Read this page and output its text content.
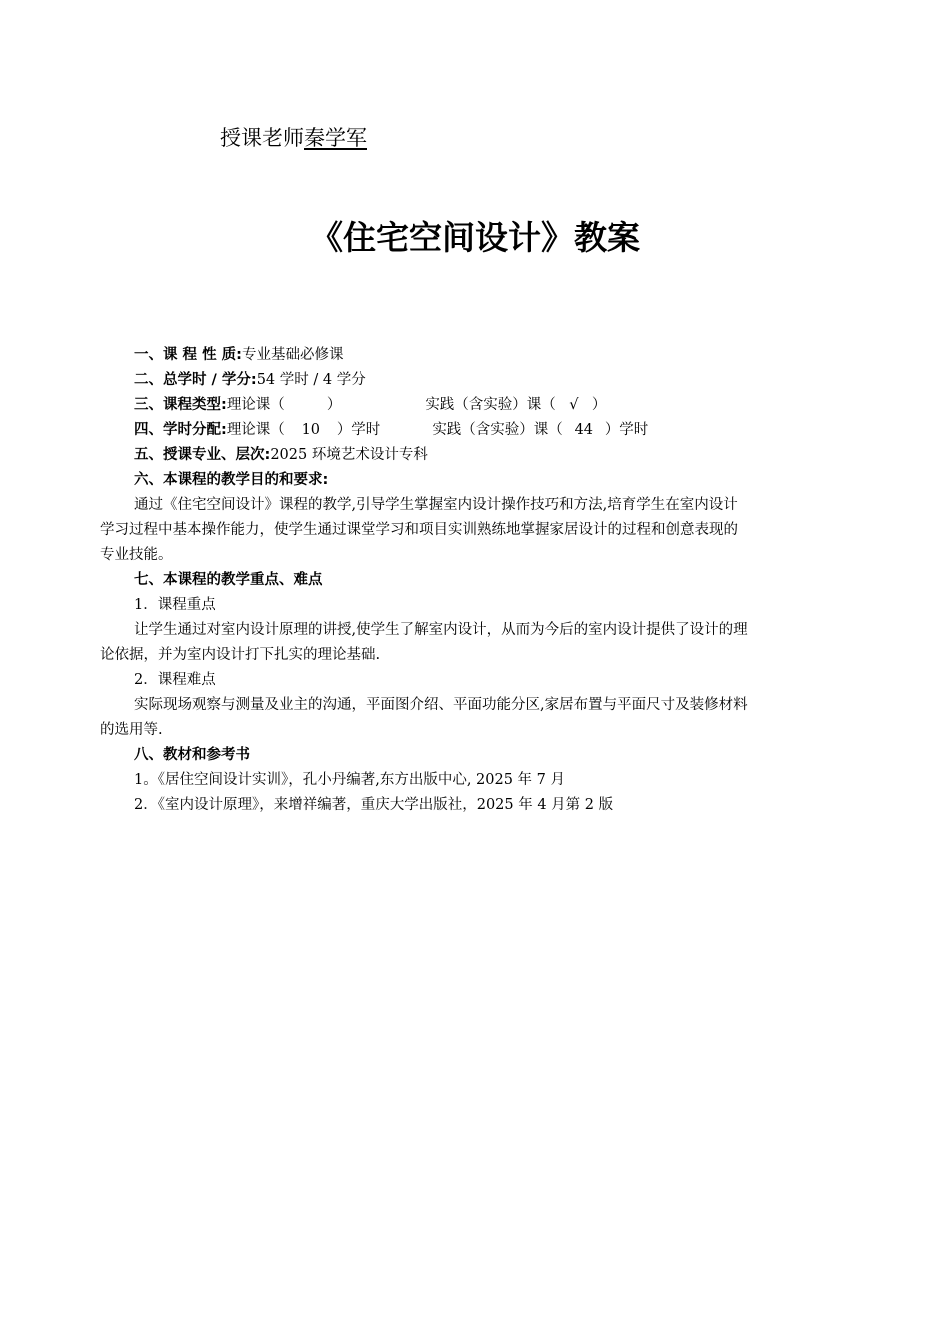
授课老师秦学军
《住宅空间设计》教案
一、课 程 性 质:专业基础必修课
二、总学时 / 学分:54 学时 / 4 学分
三、课程类型:理论课（	）	实践（含实验）课（ √ ）
四、学时分配:理论课（ 10 ）学时	实践（含实验）课（ 44 ）学时
五、授课专业、层次:2025 环境艺术设计专科
六、本课程的教学目的和要求:
通过《住宅空间设计》课程的教学,引导学生掌握室内设计操作技巧和方法,培育学生在室内设计
学习过程中基本操作能力，使学生通过课堂学习和项目实训熟练地掌握家居设计的过程和创意表现的
专业技能。
七、本课程的教学重点、难点
1．课程重点
让学生通过对室内设计原理的讲授,使学生了解室内设计，从而为今后的室内设计提供了设计的理
论依据，并为室内设计打下扎实的理论基础.
2．课程难点
实际现场观察与测量及业主的沟通，平面图介绍、平面功能分区,家居布置与平面尺寸及装修材料
的选用等.
八、教材和参考书
1。《居住空间设计实训》，孔小丹编著,东方出版中心, 2025 年 7 月
2．《室内设计原理》，来增祥编著，重庆大学出版社，2025 年 4 月第 2 版
